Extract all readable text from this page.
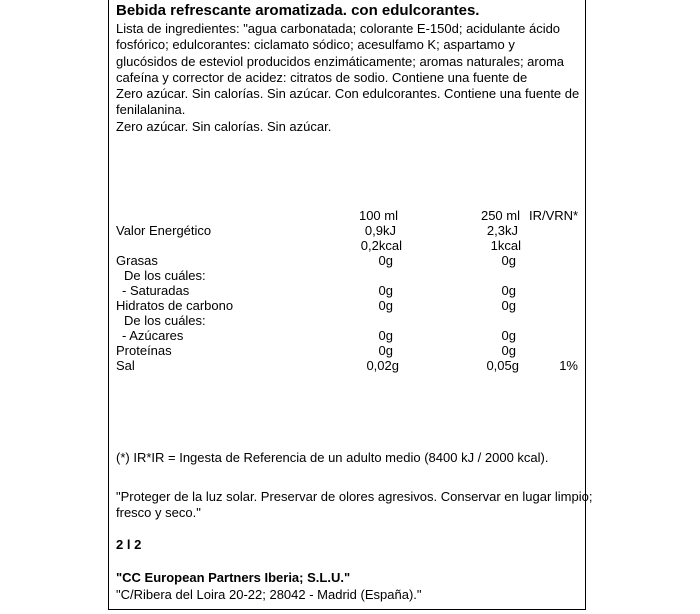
Bebida refrescante aromatizada. con edulcorantes.
Lista de ingredientes: "agua carbonatada; colorante E-150d; acidulante ácido
fosfórico; edulcorantes: ciclamato sódico; acesulfamo K; aspartamo y
glucósidos de esteviol producidos enzimáticamente; aromas naturales; aroma
cafeína y corrector de acidez: citratos de sodio. Contiene una fuente de
Zero azúcar. Sin calorías. Sin azúcar. Con edulcorantes. Contiene una fuente de
fenilalanina.
Zero azúcar. Sin calorías. Sin azúcar.
100 ml	250 ml IR/VRN*
Valor Energético	0,9kJ	2,3kJ
0,2kcal	1kcal
Grasas	0g	0g
De los cuáles:
- Saturadas	0g	0g
Hidratos de carbono	0g	0g
De los cuáles:
- Azúcares	0g	0g
Proteínas	0g	0g
Sal	0,02g	0,05g	1%
(*) IR*IR = Ingesta de Referencia de un adulto medio (8400 kJ / 2000 kcal).
"Proteger de la luz solar. Preservar de olores agresivos. Conservar en lugar limpio;
fresco y seco."
2 l 2
"CC European Partners Iberia; S.L.U."
"C/Ribera del Loira 20-22; 28042 - Madrid (España)."
